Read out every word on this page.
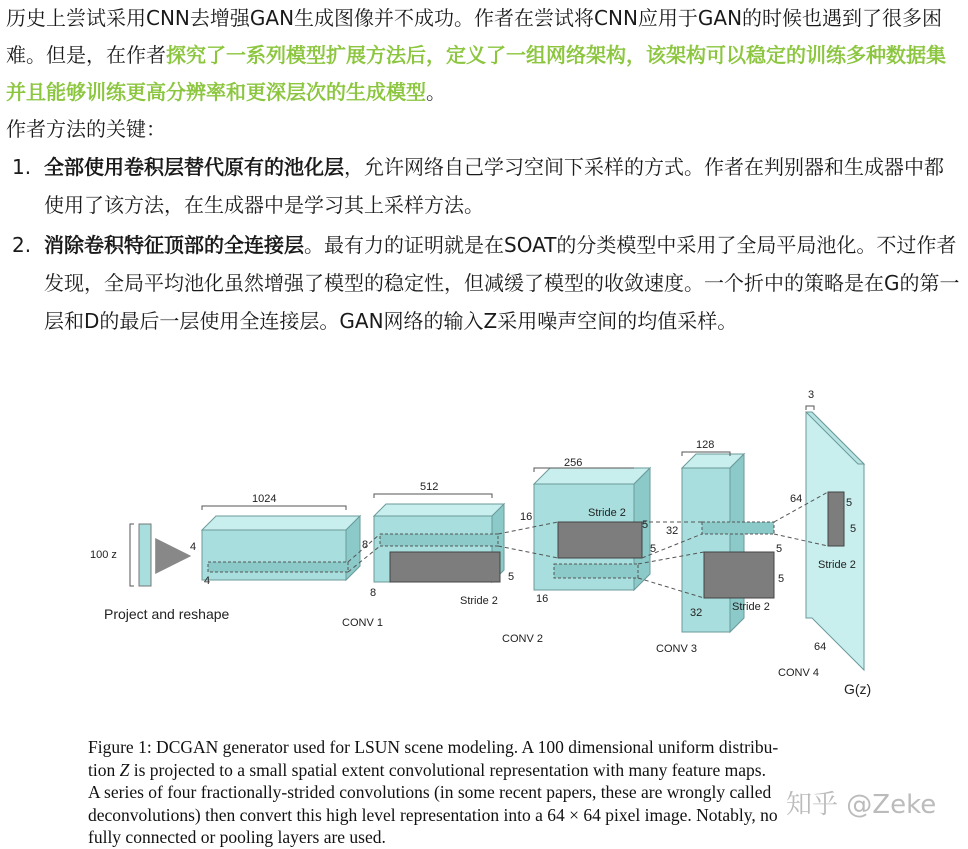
历史上尝试采用CNN去增强GAN生成图像并不成功。作者在尝试将CNN应用于GAN的时候也遇到了很多困难。但是，在作者探究了一系列模型扩展方法后，定义了一组网络架构，该架构可以稳定的训练多种数据集并且能够训练更高分辨率和更深层次的生成模型。

作者方法的关键：

1. 全部使用卷积层替代原有的池化层，允许网络自己学习空间下采样的方式。作者在判别器和生成器中都使用了该方法，在生成器中是学习其上采样方法。
2. 消除卷积特征顶部的全连接层。最有力的证明就是在SOAT的分类模型中采用了全局平局池化。不过作者发现，全局平均池化虽然增强了模型的稳定性，但减缓了模型的收敛速度。一个折中的策略是在G的第一层和D的最后一层使用全连接层。GAN网络的输入Z采用噪声空间的均值采样。
100 z
Project and reshape
1024
4
4
512
8
8
5
Stride 2
CONV 1
256
16
16
5
5
Stride 2
CONV 2
128
32
32
5
5
Stride 2
CONV 3
3
64
64
5
5
Stride 2
CONV 4
G(z)
Figure 1: DCGAN generator used for LSUN scene modeling. A 100 dimensional uniform distribu-
tion Z is projected to a small spatial extent convolutional representation with many feature maps.
A series of four fractionally-strided convolutions (in some recent papers, these are wrongly called
deconvolutions) then convert this high level representation into a 64 × 64 pixel image. Notably, no
fully connected or pooling layers are used.
知乎 @Zeke
